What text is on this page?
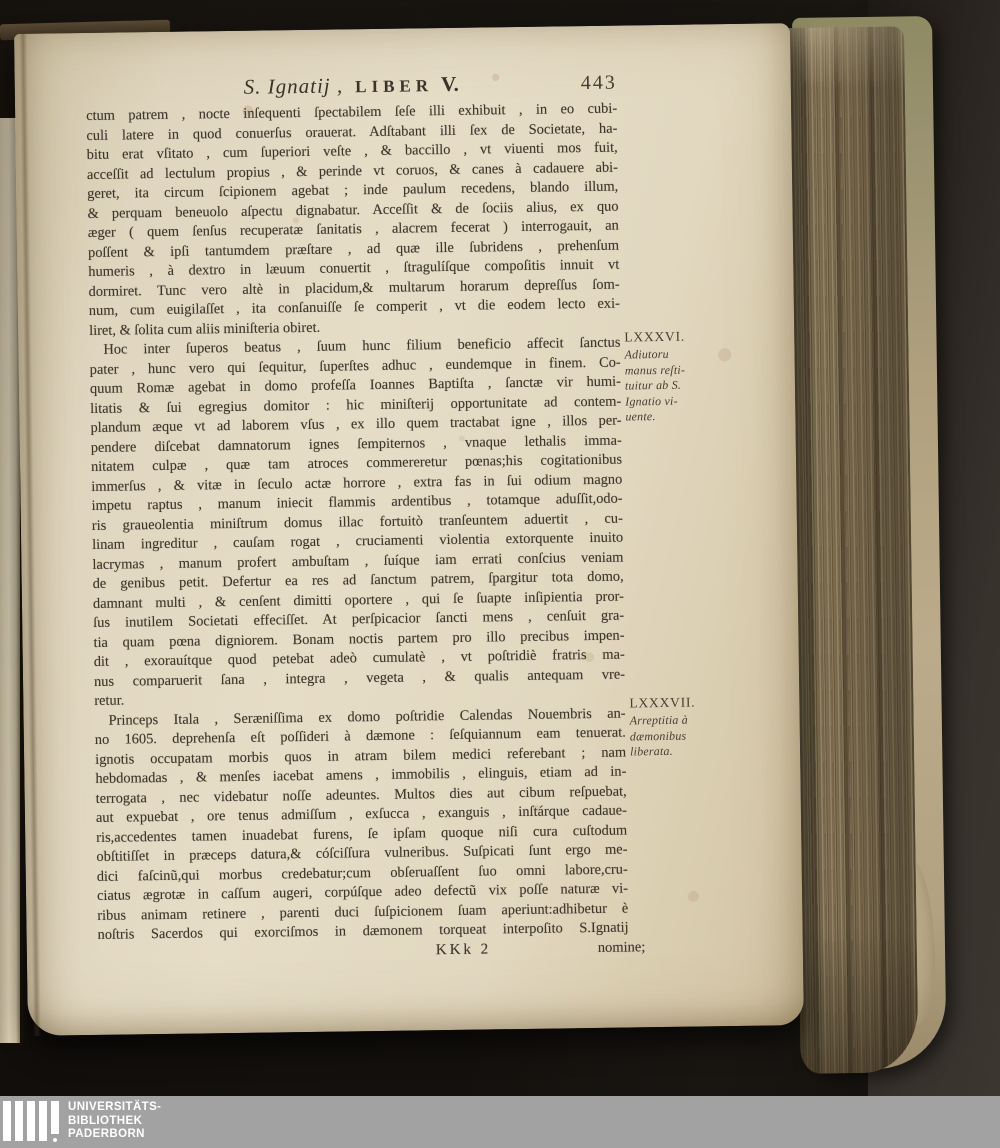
S. Ignatij , LIBER V.	443
ctum patrem , nocte inſequenti ſpectabilem ſeſe illi exhibuit , in eo cubi-
culi latere in quod conuerſus orauerat. Adſtabant illi ſex de Societate, ha-
bitu erat vſitato , cum ſuperiori veſte , & baccillo , vt viuenti mos fuit,
acceſſit ad lectulum propius , & perinde vt coruos, & canes à cadauere abi-
geret, ita circum ſcipionem agebat ; inde paulum recedens, blando illum,
& perquam beneuolo aſpectu dignabatur. Acceſſit & de ſociis alius, ex quo
æger ( quem ſenſus recuperatæ ſanitatis , alacrem fecerat ) interrogauit, an
poſſent & ipſi tantumdem præſtare , ad quæ ille ſubridens , prehenſum
humeris , à dextro in læuum conuertit , ſtragulíſque compoſitis innuit vt
dormiret. Tunc vero altè in placidum,& multarum horarum depreſſus ſom-
num, cum euigilaſſet , ita conſanuiſſe ſe comperit , vt die eodem lecto exi-
liret, & ſolita cum aliis miniſteria obiret.
Hoc inter ſuperos beatus , ſuum hunc filium beneficio affecit ſanctus
pater , hunc vero qui ſequitur, ſuperſtes adhuc , eundemque in finem. Co-
quum Romæ agebat in domo profeſſa Ioannes Baptiſta , ſanctæ vir humi-
litatis & ſui egregius domitor : hic miniſterij opportunitate ad contem-
plandum æque vt ad laborem vſus , ex illo quem tractabat igne , illos per-
pendere diſcebat damnatorum ignes ſempiternos , vnaque lethalis imma-
nitatem culpæ , quæ tam atroces commereretur pœnas;his cogitationibus
immerſus , & vitæ in ſeculo actæ horrore , extra fas in ſui odium magno
impetu raptus , manum iniecit flammis ardentibus , totamque aduſſit,odo-
ris graueolentia miniſtrum domus illac fortuitò tranſeuntem aduertit , cu-
linam ingreditur , cauſam rogat , cruciamenti violentia extorquente inuito
lacrymas , manum profert ambuſtam , ſuíque iam errati conſcius veniam
de genibus petit. Defertur ea res ad ſanctum patrem, ſpargitur tota domo,
damnant multi , & cenſent dimitti oportere , qui ſe ſuapte inſipientia pror-
ſus inutilem Societati effeciſſet. At perſpicacior ſancti mens , cenſuit gra-
tia quam pœna digniorem. Bonam noctis partem pro illo precibus impen-
dit , exorauítque quod petebat adeò cumulatè , vt poſtridiè fratris ma-
nus comparuerit ſana , integra , vegeta , & qualis antequam vre-
retur.
Princeps Itala , Seræniſſima ex domo poſtridie Calendas Nouembris an-
no 1605. deprehenſa eſt poſſideri à dæmone : ſeſquiannum eam tenuerat.
ignotis occupatam morbis quos in atram bilem medici referebant ; nam
hebdomadas , & menſes iacebat amens , immobilis , elinguis, etiam ad in-
terrogata , nec videbatur noſſe adeuntes. Multos dies aut cibum reſpuebat,
aut expuebat , ore tenus admiſſum , exſucca , exanguis , inſtárque cadaue-
ris,accedentes tamen inuadebat furens, ſe ipſam quoque niſi cura cuſtodum
obſtitiſſet in præceps datura,& cóſciſſura vulneribus. Suſpicati ſunt ergo me-
dici faſcinũ,qui morbus credebatur;cum obſeruaſſent ſuo omni labore,cru-
ciatus ægrotæ in caſſum augeri, corpúſque adeo defectũ vix poſſe naturæ vi-
ribus animam retinere , parenti duci ſuſpicionem ſuam aperiunt:adhibetur è
noſtris Sacerdos qui exorciſmos in dæmonem torqueat interpoſito S.Ignatij
KKk 2	nomine;
LXXXVI.
Adiutoru
manus reſti-
tuitur ab S.
Ignatio vi-
uente.
LXXXVII.
Arreptitia à
dæmonibus
liberata.
UNIVERSITÄTS-
BIBLIOTHEK
PADERBORN
